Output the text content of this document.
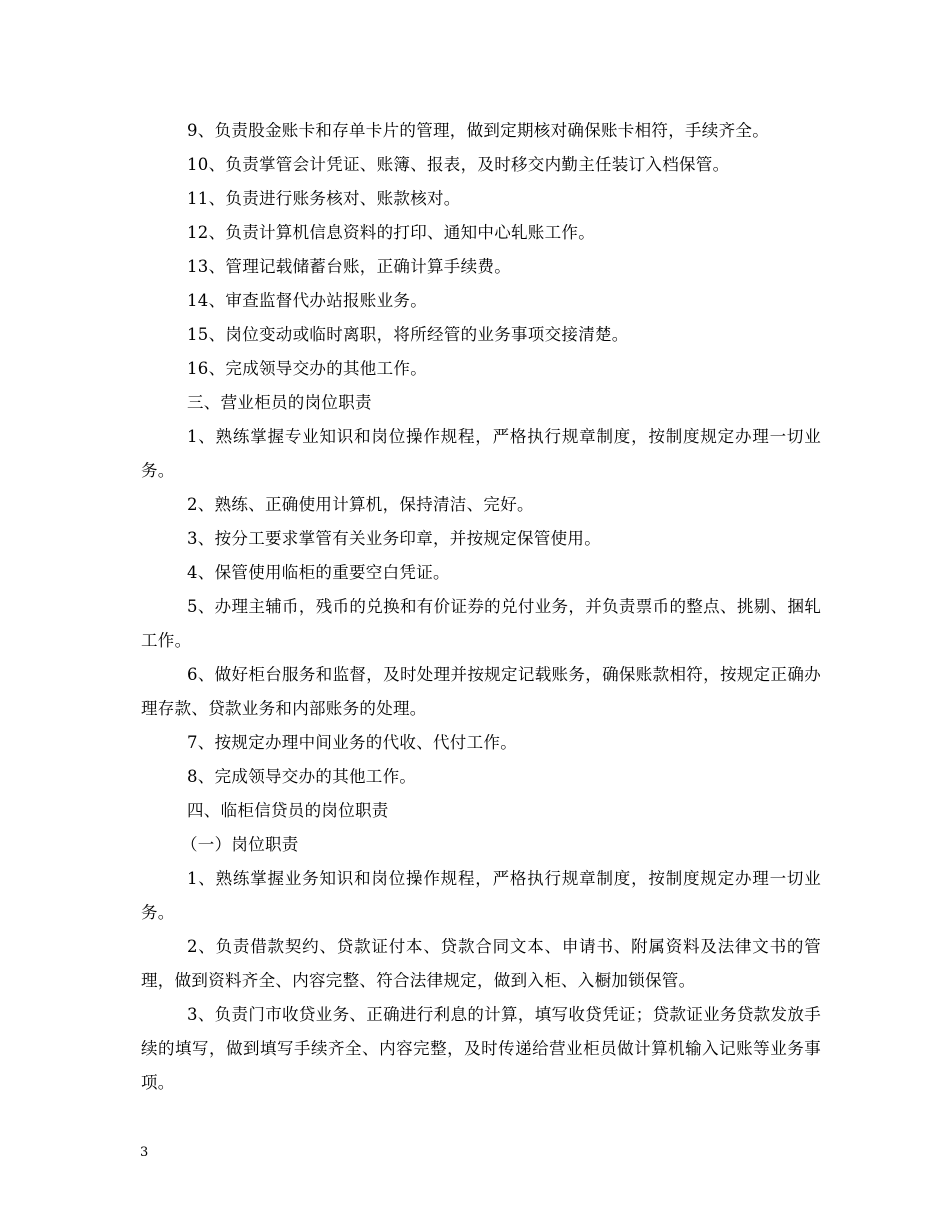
9、负责股金账卡和存单卡片的管理，做到定期核对确保账卡相符，手续齐全。

10、负责掌管会计凭证、账簿、报表，及时移交内勤主任装订入档保管。

11、负责进行账务核对、账款核对。

12、负责计算机信息资料的打印、通知中心轧账工作。

13、管理记载储蓄台账，正确计算手续费。

14、审查监督代办站报账业务。

15、岗位变动或临时离职，将所经管的业务事项交接清楚。

16、完成领导交办的其他工作。

三、营业柜员的岗位职责

1、熟练掌握专业知识和岗位操作规程，严格执行规章制度，按制度规定办理一切业务。

2、熟练、正确使用计算机，保持清洁、完好。

3、按分工要求掌管有关业务印章，并按规定保管使用。

4、保管使用临柜的重要空白凭证。

5、办理主辅币，残币的兑换和有价证券的兑付业务，并负责票币的整点、挑剔、捆轧工作。

6、做好柜台服务和监督，及时处理并按规定记载账务，确保账款相符，按规定正确办理存款、贷款业务和内部账务的处理。

7、按规定办理中间业务的代收、代付工作。

8、完成领导交办的其他工作。

四、临柜信贷员的岗位职责

（一）岗位职责

1、熟练掌握业务知识和岗位操作规程，严格执行规章制度，按制度规定办理一切业务。

2、负责借款契约、贷款证付本、贷款合同文本、申请书、附属资料及法律文书的管理，做到资料齐全、内容完整、符合法律规定，做到入柜、入橱加锁保管。

3、负责门市收贷业务、正确进行利息的计算，填写收贷凭证；贷款证业务贷款发放手续的填写，做到填写手续齐全、内容完整，及时传递给营业柜员做计算机输入记账等业务事项。

3
